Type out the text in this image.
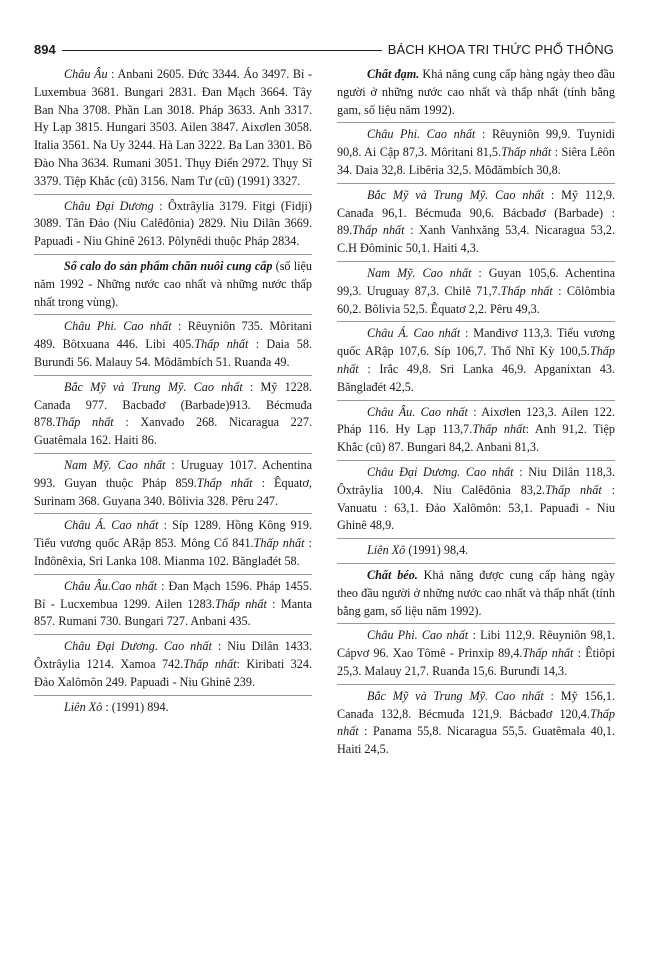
894	BÁCH KHOA TRI THỨC PHỔ THÔNG

Châu Âu : Anbani 2605. Đức 3344. Áo 3497. Bỉ - Luxembua 3681. Bungari 2831. Đan Mạch 3664. Tây Ban Nha 3708. Phần Lan 3018. Pháp 3633. Anh 3317. Hy Lạp 3815. Hungari 3503. Ailen 3847. Aixơlen 3058. Italia 3561. Na Uy 3244. Hà Lan 3222. Ba Lan 3301. Bồ Đào Nha 3634. Rumani 3051. Thụy Điển 2972. Thụy Sĩ 3379. Tiệp Khắc (cũ) 3156. Nam Tư (cũ) (1991) 3327.

Châu Đại Dương : Ôxtrâylia 3179. Fitgi (Fidji) 3089. Tân Đảo (Niu Calêđônia) 2829. Niu Dilân 3669. Papuađi - Niu Ghinê 2613. Pôlynêdi thuộc Pháp 2834.

Số calo do sản phẩm chăn nuôi cung cấp (số liệu năm 1992 - Những nước cao nhất và những nước thấp nhất trong vùng).

Châu Phi. Cao nhất : Rêuyniôn 735. Môritani 489. Bôtxuana 446. Libi 405.Thấp nhất : Daia 58. Burunđi 56. Malauy 54. Môdămbích 51. Ruanđa 49.

Bắc Mỹ và Trung Mỹ. Cao nhất : Mỹ 1228. Canađa 977. Bacbađơ (Barbade)913. Bécmuđa 878.Thấp nhất : Xanvađo 268. Nicaragua 227. Guatêmala 162. Haiti 86.

Nam Mỹ. Cao nhất : Uruguay 1017. Achentina 993. Guyan thuộc Pháp 859.Thấp nhất : Êquatơ, Surinam 368. Guyana 340. Bôlivia 328. Pêru 247.

Châu Á. Cao nhất : Síp 1289. Hồng Kông 919. Tiểu vương quốc ARập 853. Mông Cổ 841.Thấp nhất : Inđônêxia, Sri Lanka 108. Mianma 102. Bănglađét 58.

Châu Âu.Cao nhất : Đan Mạch 1596. Pháp 1455. Bỉ - Lucxembua 1299. Ailen 1283.Thấp nhất : Manta 857. Rumani 730. Bungari 727. Anbani 435.

Châu Đại Dương. Cao nhất : Niu Dilân 1433. Ôxtrâylia 1214. Xamoa 742.Thấp nhất: Kiribati 324. Đảo Xalômôn 249. Papuađi - Niu Ghinê 239.

Liên Xô : (1991) 894.

Chất đạm. Khả năng cung cấp hàng ngày theo đầu người ở những nước cao nhất và thấp nhất (tính bằng gam, số liệu năm 1992).

Châu Phi. Cao nhất : Rêuyniôn 99,9. Tuynidi 90,8. Ai Cập 87,3. Môritani 81,5.Thấp nhất : Siêra Lêôn 34. Daia 32,8. Libêria 32,5. Môđămbích 30,8.

Bắc Mỹ và Trung Mỹ. Cao nhất : Mỹ 112,9. Canađa 96,1. Bécmuđa 90,6. Bácbađơ (Barbade) : 89.Thấp nhất : Xanh Vanhxăng 53,4. Nicaragua 53,2. C.H Đôminic 50,1. Haiti 4,3.

Nam Mỹ. Cao nhất : Guyan 105,6. Achentina 99,3. Uruguay 87,3. Chilê 71,7.Thấp nhất : Côlômbia 60,2. Bôlivia 52,5. Êquatơ 2,2. Pêru 49,3.

Châu Á. Cao nhất : Manđivơ 113,3. Tiểu vương quốc ARập 107,6. Síp 106,7. Thổ Nhĩ Kỳ 100,5.Thấp nhất : Irắc 49,8. Sri Lanka 46,9. Apganixtan 43. Bănglađét 42,5.

Châu Âu. Cao nhất : Aixơlen 123,3. Ailen 122. Pháp 116. Hy Lạp 113,7.Thấp nhất: Anh 91,2. Tiệp Khắc (cũ) 87. Bungari 84,2. Anbani 81,3.

Châu Đại Dương. Cao nhất : Niu Dilân 118,3. Ôxtrâylia 100,4. Niu Calêđônia 83,2.Thấp nhất : Vanuatu : 63,1. Đảo Xalômôn: 53,1. Papuađi - Niu Ghinê 48,9.

Liên Xô (1991) 98,4.

Chất béo. Khả năng được cung cấp hàng ngày theo đầu người ở những nước cao nhất và thấp nhất (tính bằng gam, số liệu năm 1992).

Châu Phi. Cao nhất : Libi 112,9. Rêuyniôn 98,1. Cápvơ 96. Xao Tômê - Prinxip 89,4.Thấp nhất : Êtiôpi 25,3. Malauy 21,7. Ruanđa 15,6. Burunđi 14,3.

Bắc Mỹ và Trung Mỹ. Cao nhất : Mỹ 156,1. Canađa 132,8. Bécmuđa 121,9. Bácbađơ 120,4.Thấp nhất : Panama 55,8. Nicaragua 55,5. Guatêmala 40,1. Haiti 24,5.
